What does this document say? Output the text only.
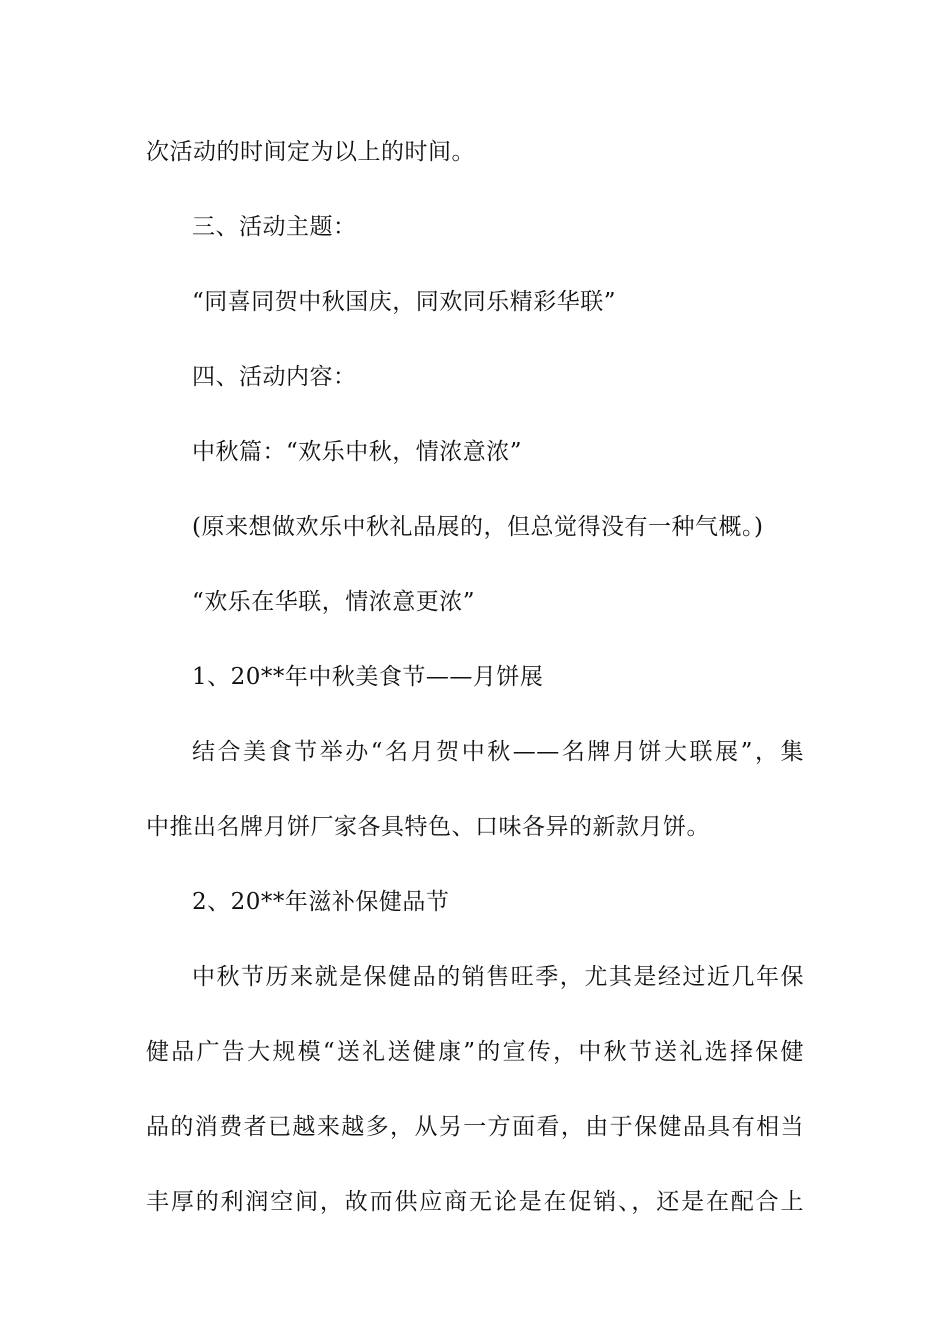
次活动的时间定为以上的时间。
三、活动主题：
“同喜同贺中秋国庆，同欢同乐精彩华联”
四、活动内容：
中秋篇：“欢乐中秋，情浓意浓”
(原来想做欢乐中秋礼品展的，但总觉得没有一种气概。)
“欢乐在华联，情浓意更浓”
1、20**年中秋美食节——月饼展
结合美食节举办“名月贺中秋——名牌月饼大联展”，集
中推出名牌月饼厂家各具特色、口味各异的新款月饼。
2、20**年滋补保健品节
中秋节历来就是保健品的销售旺季，尤其是经过近几年保
健品广告大规模“送礼送健康”的宣传，中秋节送礼选择保健
品的消费者已越来越多，从另一方面看，由于保健品具有相当
丰厚的利润空间，故而供应商无论是在促销、，还是在配合上
